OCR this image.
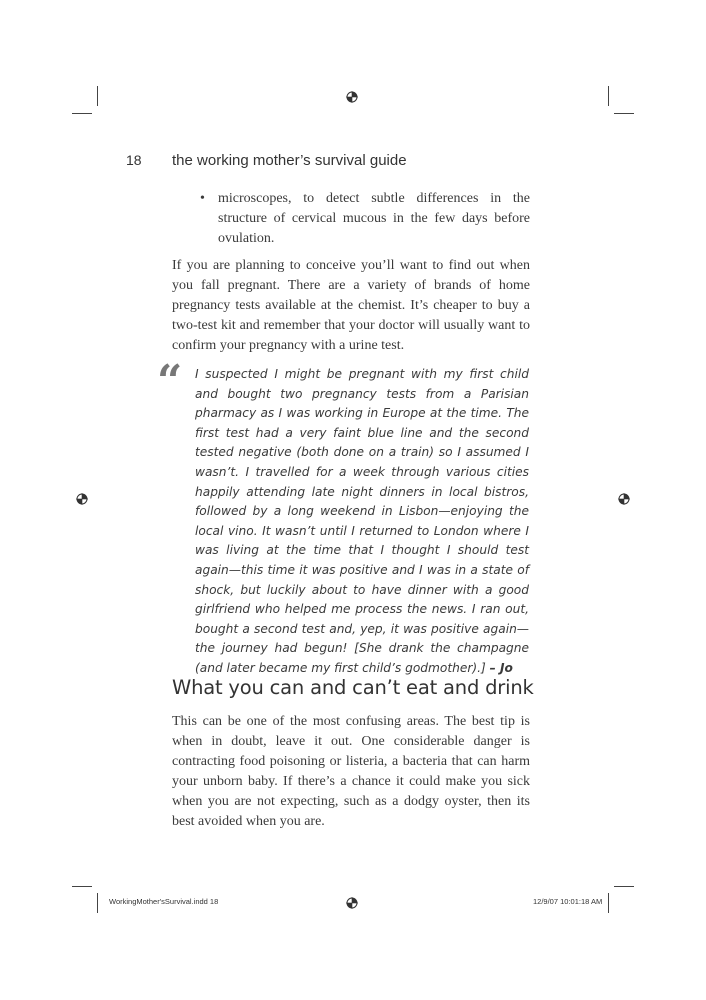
18 the working mother’s survival guide
• microscopes, to detect subtle differences in the structure of cervical mucous in the few days before ovulation.

If you are planning to conceive you’ll want to find out when you fall pregnant. There are a variety of brands of home pregnancy tests available at the chemist. It’s cheaper to buy a two-test kit and remember that your doctor will usually want to confirm your pregnancy with a urine test.

“ I suspected I might be pregnant with my first child and bought two pregnancy tests from a Parisian pharmacy as I was working in Europe at the time. The first test had a very faint blue line and the second tested negative (both done on a train) so I assumed I wasn’t. I travelled for a week through various cities happily attending late night dinners in local bistros, followed by a long weekend in Lisbon—enjoying the local vino. It wasn’t until I returned to London where I was living at the time that I thought I should test again—this time it was positive and I was in a state of shock, but luckily about to have dinner with a good girlfriend who helped me process the news. I ran out, bought a second test and, yep, it was positive again—the journey had begun! [She drank the champagne (and later became my first child’s godmother).] – Jo
What you can and can’t eat and drink

This can be one of the most confusing areas. The best tip is when in doubt, leave it out. One considerable danger is contracting food poisoning or listeria, a bacteria that can harm your unborn baby. If there’s a chance it could make you sick when you are not expecting, such as a dodgy oyster, then its best avoided when you are.

WorkingMother'sSurvival.indd 18	12/9/07 10:01:18 AM
